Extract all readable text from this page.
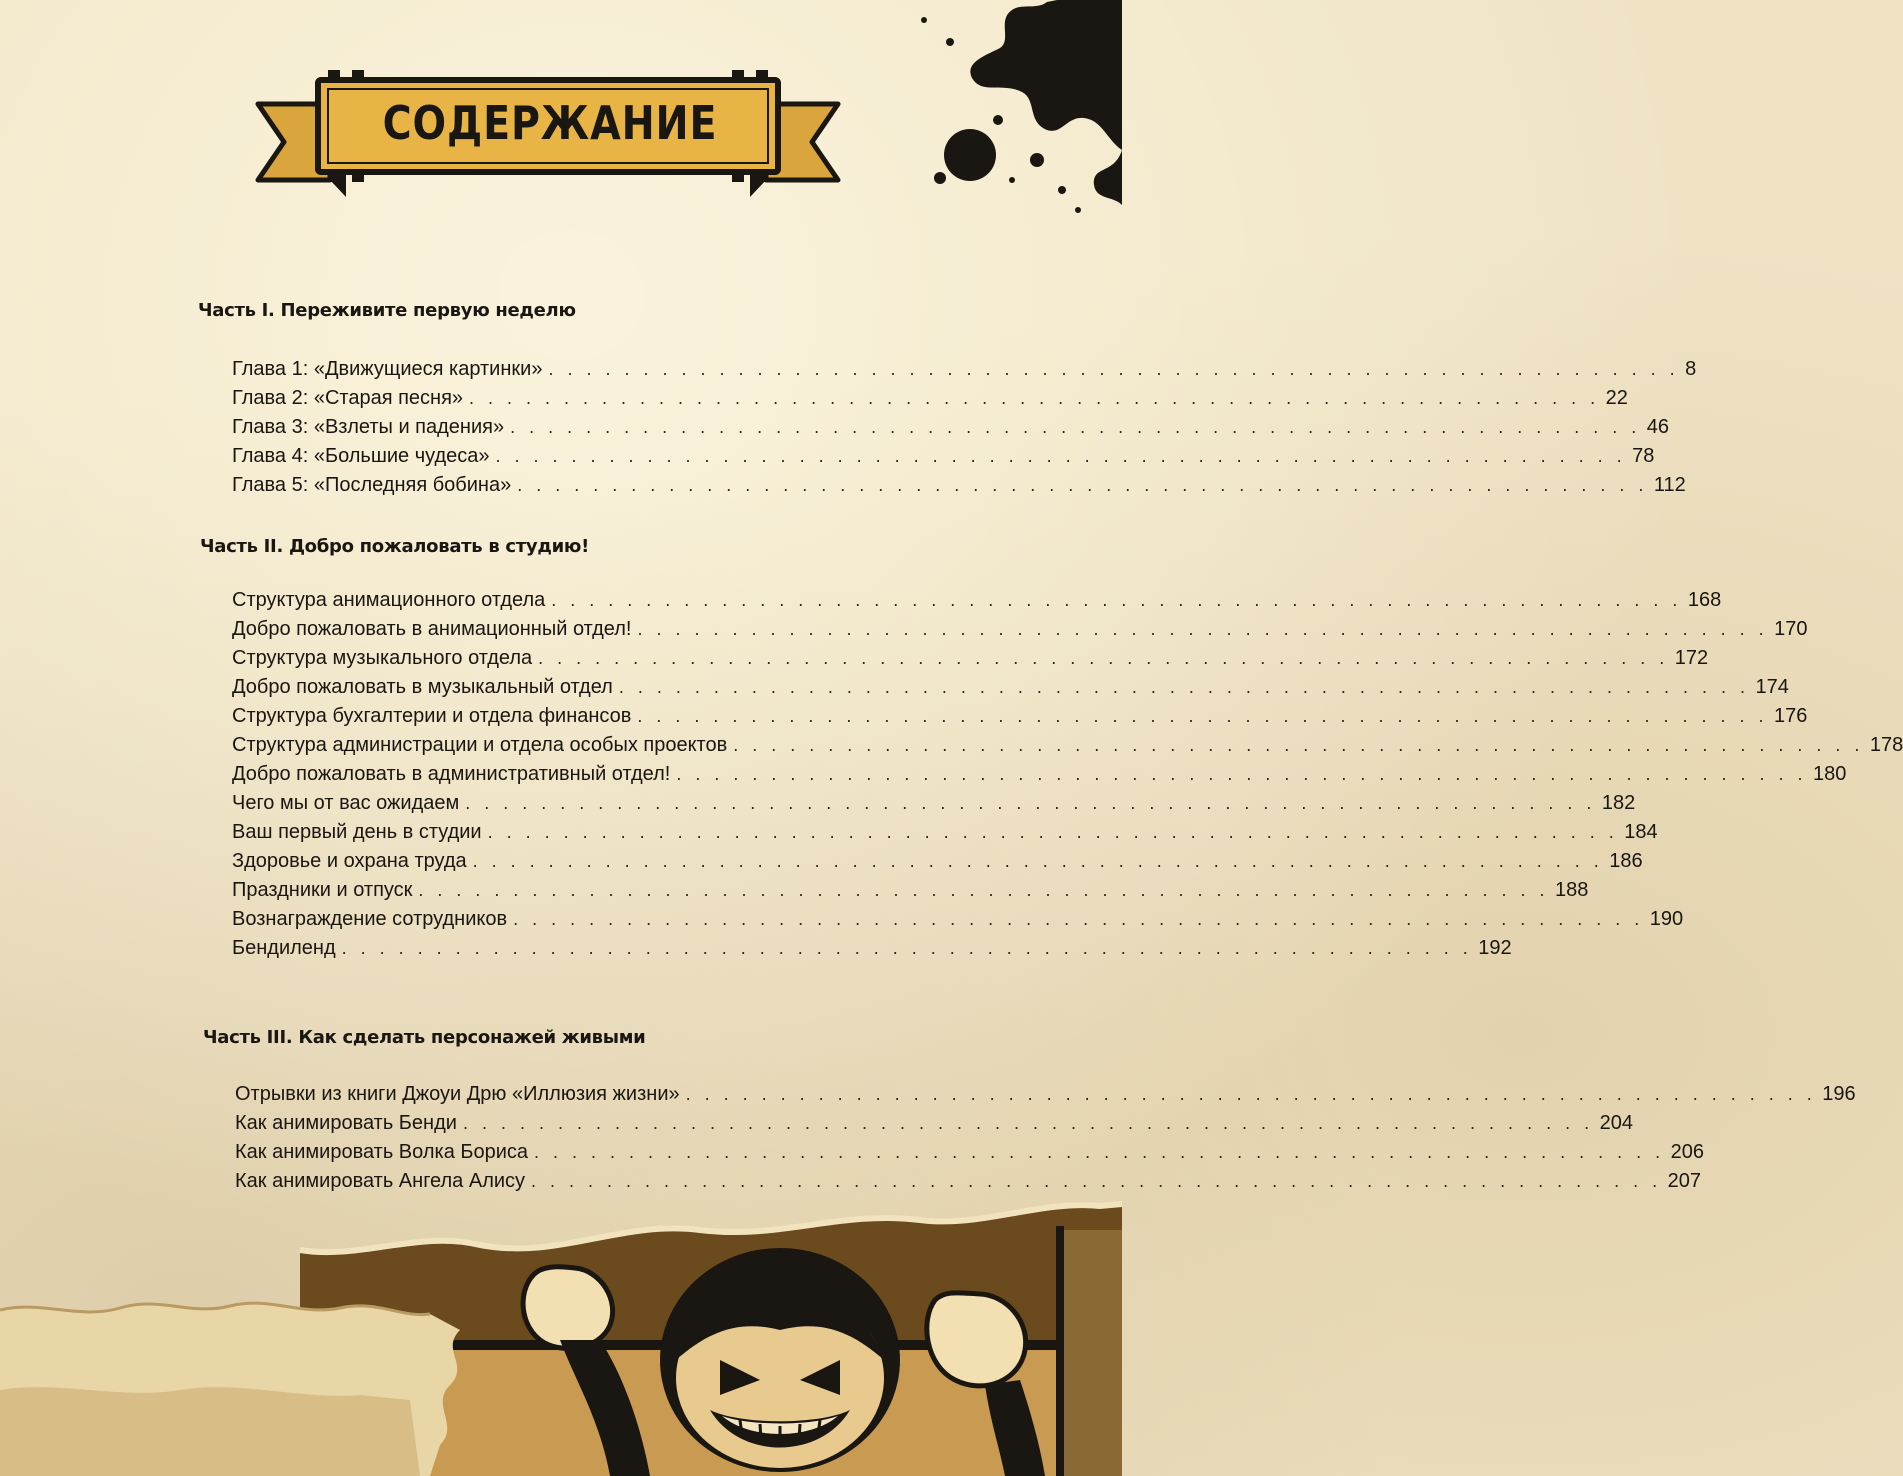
СОДЕРЖАНИЕ
Часть I. Переживите первую неделю
Глава 1: «Движущиеся картинки» . . . . . . . . . . . . . . . . . . . . . . . . . . . . . . . . . . . . . . . . . . . . . . . . . . . . . . . . . . . . 8
Глава 2: «Старая песня» . . . . . . . . . . . . . . . . . . . . . . . . . . . . . . . . . . . . . . . . . . . . . . . . . . . . . . . . . . . . 22
Глава 3: «Взлеты и падения» . . . . . . . . . . . . . . . . . . . . . . . . . . . . . . . . . . . . . . . . . . . . . . . . . . . . . . . . . . . . 46
Глава 4: «Большие чудеса» . . . . . . . . . . . . . . . . . . . . . . . . . . . . . . . . . . . . . . . . . . . . . . . . . . . . . . . . . . . . 78
Глава 5: «Последняя бобина» . . . . . . . . . . . . . . . . . . . . . . . . . . . . . . . . . . . . . . . . . . . . . . . . . . . . . . . . . . . . 112
Часть II. Добро пожаловать в студию!
Структура анимационного отдела . . . . . . . . . . . . . . . . . . . . . . . . . . . . . . . . . . . . . . . . . . . . . . . . . . . . . . . . . . . . 168
Добро пожаловать в анимационный отдел! . . . . . . . . . . . . . . . . . . . . . . . . . . . . . . . . . . . . . . . . . . . . . . . . . . . . . . . . . . . . 170
Структура музыкального отдела . . . . . . . . . . . . . . . . . . . . . . . . . . . . . . . . . . . . . . . . . . . . . . . . . . . . . . . . . . . . 172
Добро пожаловать в музыкальный отдел . . . . . . . . . . . . . . . . . . . . . . . . . . . . . . . . . . . . . . . . . . . . . . . . . . . . . . . . . . . . 174
Структура бухгалтерии и отдела финансов . . . . . . . . . . . . . . . . . . . . . . . . . . . . . . . . . . . . . . . . . . . . . . . . . . . . . . . . . . . . 176
Структура администрации и отдела особых проектов . . . . . . . . . . . . . . . . . . . . . . . . . . . . . . . . . . . . . . . . . . . . . . . . . . . . . . . . . . . . 178
Добро пожаловать в административный отдел! . . . . . . . . . . . . . . . . . . . . . . . . . . . . . . . . . . . . . . . . . . . . . . . . . . . . . . . . . . . . 180
Чего мы от вас ожидаем . . . . . . . . . . . . . . . . . . . . . . . . . . . . . . . . . . . . . . . . . . . . . . . . . . . . . . . . . . . . 182
Ваш первый день в студии . . . . . . . . . . . . . . . . . . . . . . . . . . . . . . . . . . . . . . . . . . . . . . . . . . . . . . . . . . . . 184
Здоровье и охрана труда . . . . . . . . . . . . . . . . . . . . . . . . . . . . . . . . . . . . . . . . . . . . . . . . . . . . . . . . . . . . 186
Праздники и отпуск . . . . . . . . . . . . . . . . . . . . . . . . . . . . . . . . . . . . . . . . . . . . . . . . . . . . . . . . . . . . 188
Вознаграждение сотрудников . . . . . . . . . . . . . . . . . . . . . . . . . . . . . . . . . . . . . . . . . . . . . . . . . . . . . . . . . . . . 190
Бендиленд . . . . . . . . . . . . . . . . . . . . . . . . . . . . . . . . . . . . . . . . . . . . . . . . . . . . . . . . . . . . 192
Часть III. Как сделать персонажей живыми
Отрывки из книги Джоуи Дрю «Иллюзия жизни» . . . . . . . . . . . . . . . . . . . . . . . . . . . . . . . . . . . . . . . . . . . . . . . . . . . . . . . . . . . . 196
Как анимировать Бенди . . . . . . . . . . . . . . . . . . . . . . . . . . . . . . . . . . . . . . . . . . . . . . . . . . . . . . . . . . . . 204
Как анимировать Волка Бориса . . . . . . . . . . . . . . . . . . . . . . . . . . . . . . . . . . . . . . . . . . . . . . . . . . . . . . . . . . . . 206
Как анимировать Ангела Алису . . . . . . . . . . . . . . . . . . . . . . . . . . . . . . . . . . . . . . . . . . . . . . . . . . . . . . . . . . . . 207
